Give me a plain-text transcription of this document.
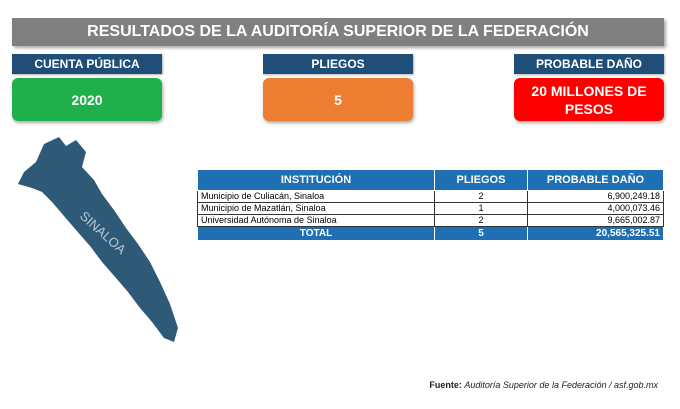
RESULTADOS DE LA AUDITORÍA SUPERIOR DE LA FEDERACIÓN
CUENTA PÚBLICA
2020
PLIEGOS
5
PROBABLE DAÑO
20 MILLONES DE PESOS
SINALOA
INSTITUCIÓN	PLIEGOS	PROBABLE DAÑO
Municipio de Culiacán, Sinaloa	2	6,900,249.18
Municipio de Mazatlán, Sinaloa	1	4,000,073.46
Universidad Autónoma de Sinaloa	2	9,665,002.87
TOTAL	5	20,565,325.51
Fuente: Auditoría Superior de la Federación / asf.gob.mx
